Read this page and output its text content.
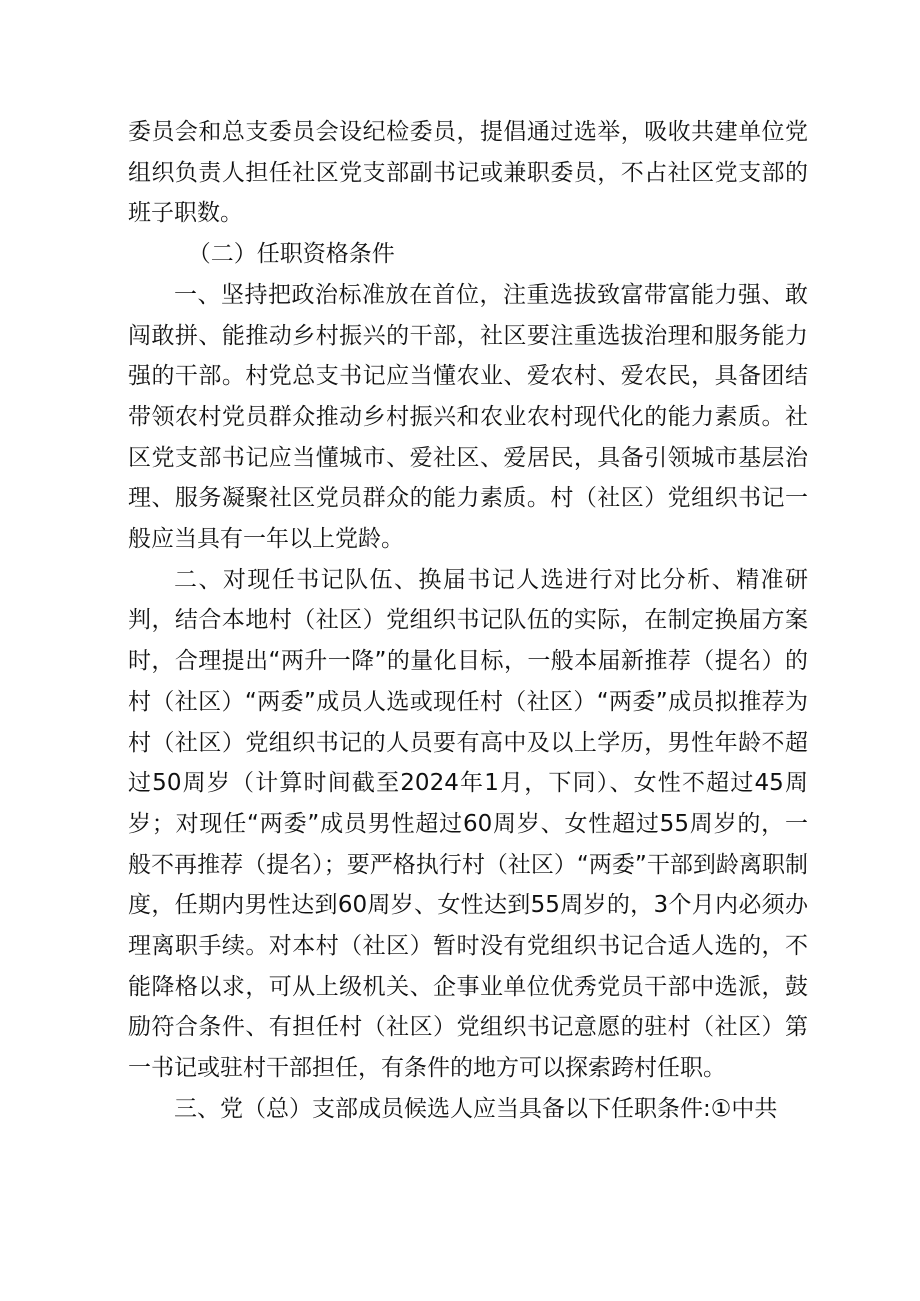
委员会和总支委员会设纪检委员，提倡通过选举，吸收共建单位党组织负责人担任社区党支部副书记或兼职委员，不占社区党支部的班子职数。

（二）任职资格条件

一、坚持把政治标准放在首位，注重选拔致富带富能力强、敢闯敢拼、能推动乡村振兴的干部，社区要注重选拔治理和服务能力强的干部。村党总支书记应当懂农业、爱农村、爱农民，具备团结带领农村党员群众推动乡村振兴和农业农村现代化的能力素质。社区党支部书记应当懂城市、爱社区、爱居民，具备引领城市基层治理、服务凝聚社区党员群众的能力素质。村（社区）党组织书记一般应当具有一年以上党龄。

二、对现任书记队伍、换届书记人选进行对比分析、精准研判，结合本地村（社区）党组织书记队伍的实际，在制定换届方案时，合理提出“两升一降”的量化目标，一般本届新推荐（提名）的村（社区）“两委”成员人选或现任村（社区）“两委”成员拟推荐为村（社区）党组织书记的人员要有高中及以上学历，男性年龄不超过50周岁（计算时间截至2024年1月，下同）、女性不超过45周岁；对现任“两委”成员男性超过60周岁、女性超过55周岁的，一般不再推荐（提名）；要严格执行村（社区）“两委”干部到龄离职制度，任期内男性达到60周岁、女性达到55周岁的，3个月内必须办理离职手续。对本村（社区）暂时没有党组织书记合适人选的，不能降格以求，可从上级机关、企事业单位优秀党员干部中选派，鼓励符合条件、有担任村（社区）党组织书记意愿的驻村（社区）第一书记或驻村干部担任，有条件的地方可以探索跨村任职。

三、党（总）支部成员候选人应当具备以下任职条件:①中共
